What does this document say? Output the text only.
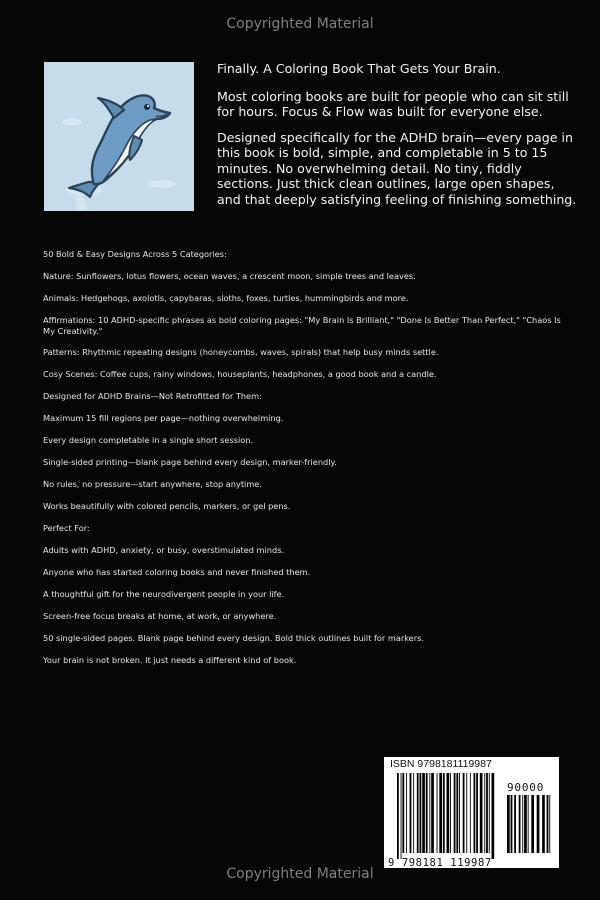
Copyrighted Material

Finally. A Coloring Book That Gets Your Brain.

Most coloring books are built for people who can sit still for hours. Focus & Flow was built for everyone else.

Designed specifically for the ADHD brain—every page in this book is bold, simple, and completable in 5 to 15 minutes. No overwhelming detail. No tiny, fiddly sections. Just thick clean outlines, large open shapes, and that deeply satisfying feeling of finishing something.

50 Bold & Easy Designs Across 5 Categories:

Nature: Sunflowers, lotus flowers, ocean waves, a crescent moon, simple trees and leaves.

Animals: Hedgehogs, axolotls, capybaras, sloths, foxes, turtles, hummingbirds and more.

Affirmations: 10 ADHD-specific phrases as bold coloring pages: "My Brain Is Brilliant," "Done Is Better Than Perfect," "Chaos Is My Creativity."

Patterns: Rhythmic repeating designs (honeycombs, waves, spirals) that help busy minds settle.

Cosy Scenes: Coffee cups, rainy windows, houseplants, headphones, a good book and a candle.

Designed for ADHD Brains—Not Retrofitted for Them:

Maximum 15 fill regions per page—nothing overwhelming.

Every design completable in a single short session.

Single-sided printing—blank page behind every design, marker-friendly.

No rules, no pressure—start anywhere, stop anytime.

Works beautifully with colored pencils, markers, or gel pens.

Perfect For:

Adults with ADHD, anxiety, or busy, overstimulated minds.

Anyone who has started coloring books and never finished them.

A thoughtful gift for the neurodivergent people in your life.

Screen-free focus breaks at home, at work, or anywhere.

50 single-sided pages. Blank page behind every design. Bold thick outlines built for markers.

Your brain is not broken. It just needs a different kind of book.

ISBN 9798181119987
9 798181 119987
90000
Copyrighted Material
